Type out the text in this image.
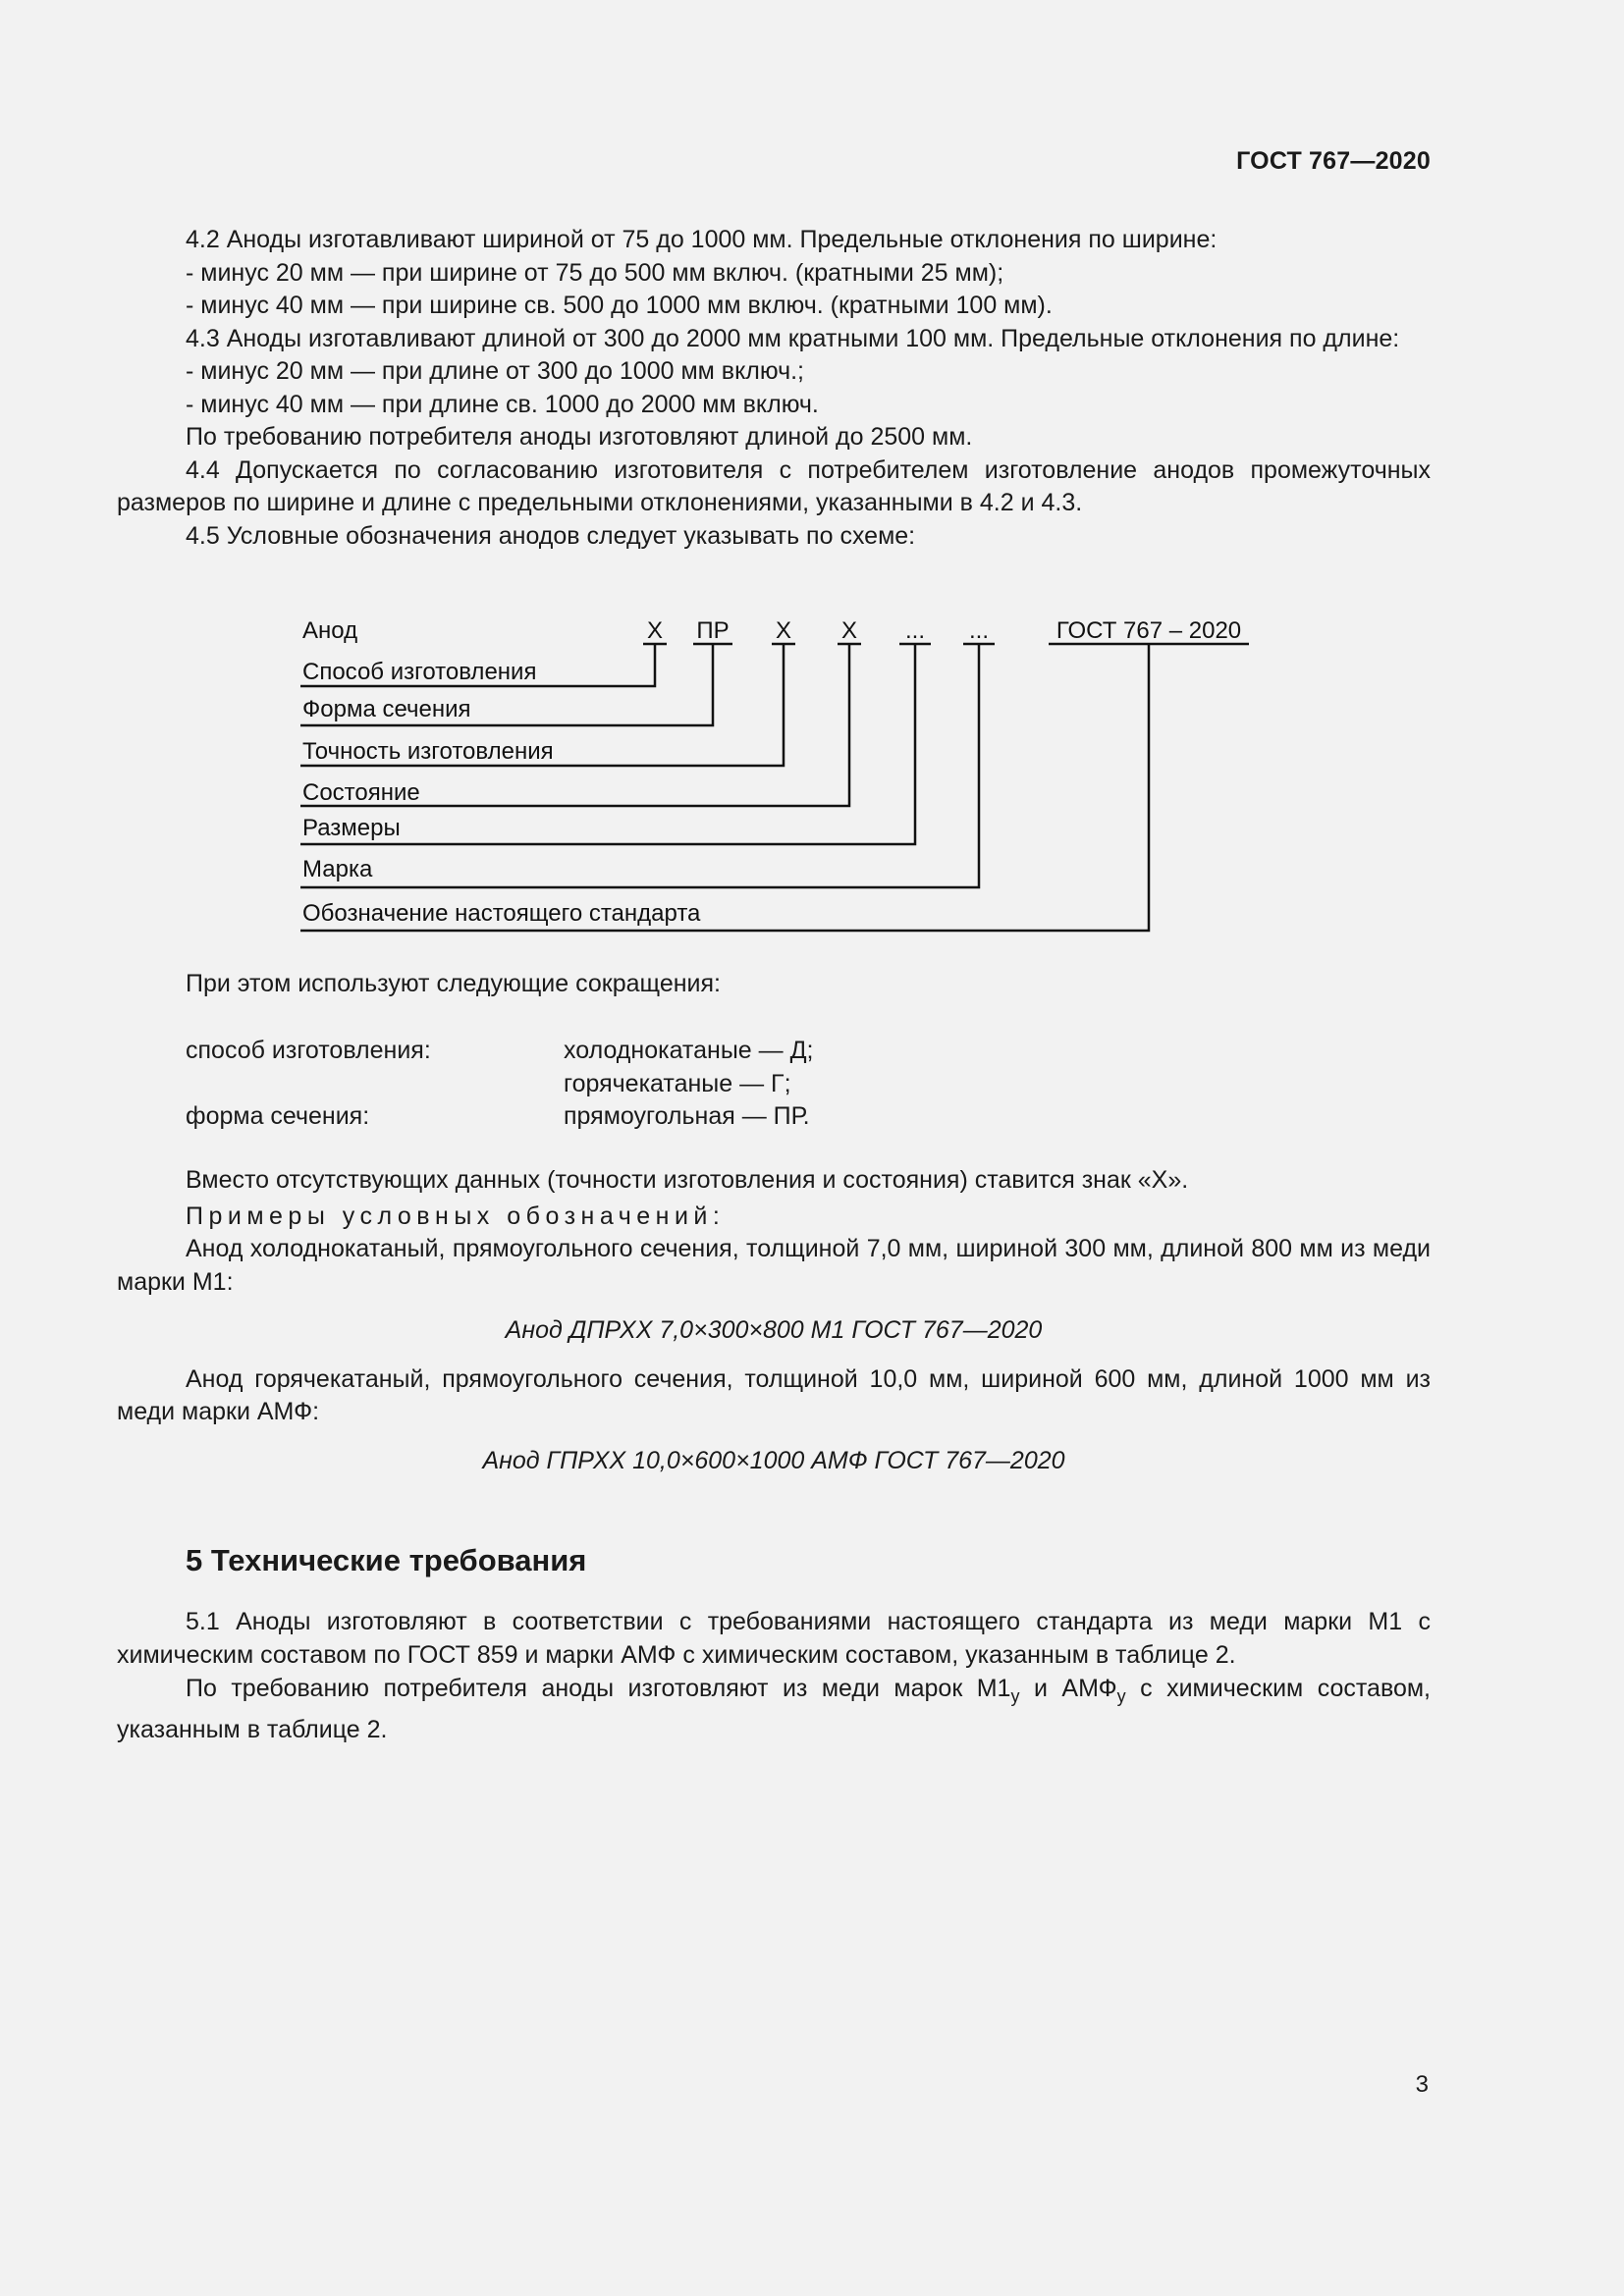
ГОСТ 767—2020

4.2 Аноды изготавливают шириной от 75 до 1000 мм. Предельные отклонения по ширине:

- минус 20 мм — при ширине от 75 до 500 мм включ. (кратными 25 мм);

- минус 40 мм — при ширине св. 500 до 1000 мм включ. (кратными 100 мм).

4.3 Аноды изготавливают длиной от 300 до 2000 мм кратными 100 мм. Предельные отклонения по длине:

- минус 20 мм — при длине от 300 до 1000 мм включ.;

- минус 40 мм — при длине св. 1000 до 2000 мм включ.

По требованию потребителя аноды изготовляют длиной до 2500 мм.

4.4 Допускается по согласованию изготовителя с потребителем изготовление анодов промежуточных размеров по ширине и длине с предельными отклонениями, указанными в 4.2 и 4.3.

4.5 Условные обозначения анодов следует указывать по схеме:

Анод	Х ПР Х Х ... ...	ГОСТ 767 – 2020
Способ изготовления
Форма сечения
Точность изготовления
Состояние
Размеры
Марка
Обозначение настоящего стандарта

При этом используют следующие сокращения:

способ изготовления:	холоднокатаные — Д;
горячекатаные — Г;
форма сечения:	прямоугольная — ПР.

Вместо отсутствующих данных (точности изготовления и состояния) ставится знак «Х».

Примеры условных обозначений:

Анод холоднокатаный, прямоугольного сечения, толщиной 7,0 мм, шириной 300 мм, длиной 800 мм из меди марки М1:

Анод ДПРХХ 7,0×300×800 М1 ГОСТ 767—2020

Анод горячекатаный, прямоугольного сечения, толщиной 10,0 мм, шириной 600 мм, длиной 1000 мм из меди марки АМФ:

Анод ГПРХХ 10,0×600×1000 АМФ ГОСТ 767—2020

5 Технические требования

5.1 Аноды изготовляют в соответствии с требованиями настоящего стандарта из меди марки М1 с химическим составом по ГОСТ 859 и марки АМФ с химическим составом, указанным в таблице 2.

По требованию потребителя аноды изготовляют из меди марок $М1_у$ и $АМФ_у$ с химическим составом, указанным в таблице 2.

3
